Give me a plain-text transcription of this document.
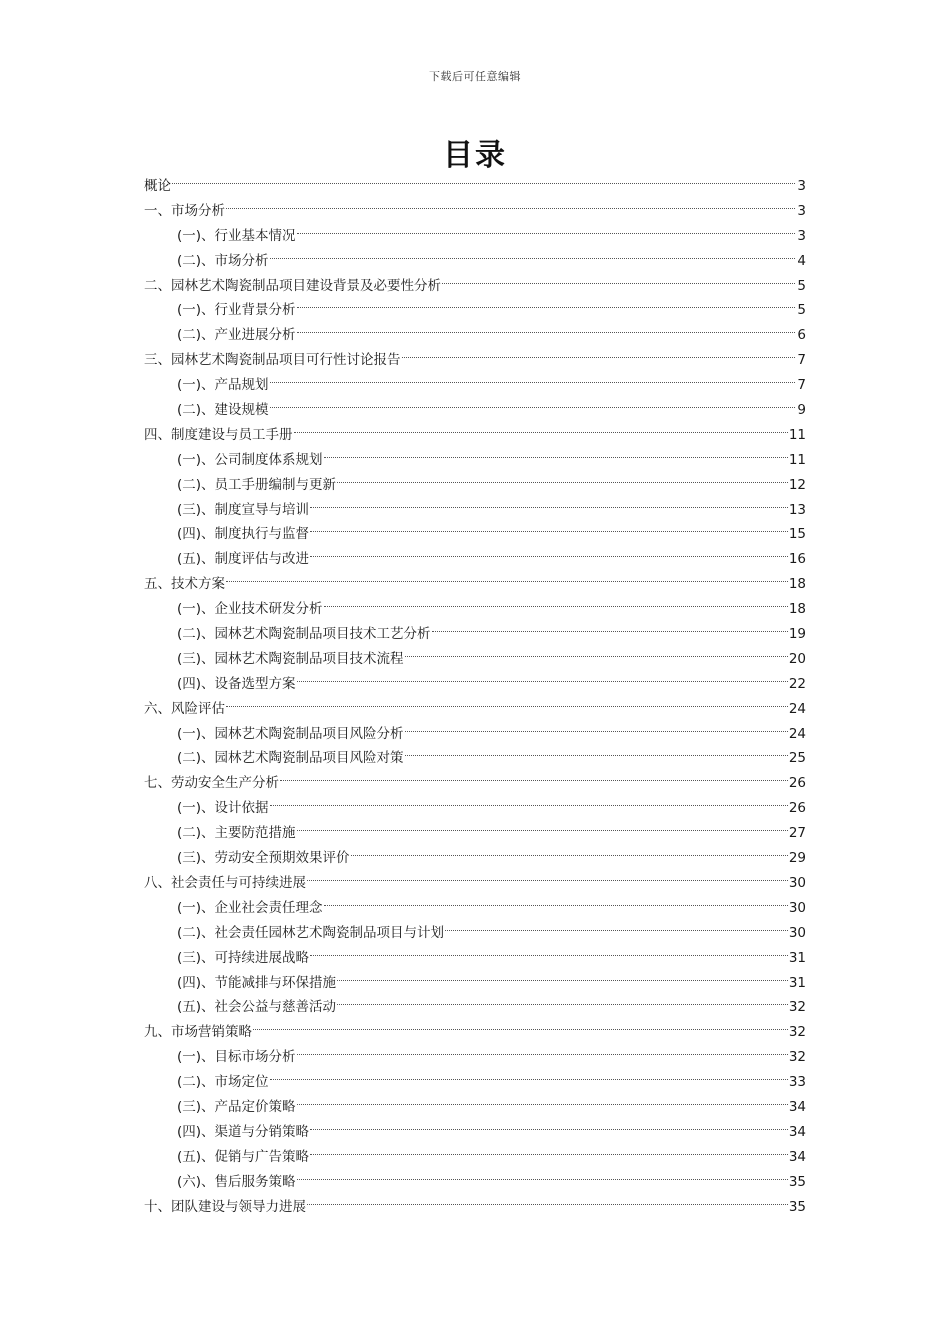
下载后可任意编辑
目录
概论	3
一、市场分析	3
(一)、行业基本情况	3
(二)、市场分析	4
二、园林艺术陶瓷制品项目建设背景及必要性分析	5
(一)、行业背景分析	5
(二)、产业进展分析	6
三、园林艺术陶瓷制品项目可行性讨论报告	7
(一)、产品规划	7
(二)、建设规模	9
四、制度建设与员工手册	11
(一)、公司制度体系规划	11
(二)、员工手册编制与更新	12
(三)、制度宣导与培训	13
(四)、制度执行与监督	15
(五)、制度评估与改进	16
五、技术方案	18
(一)、企业技术研发分析	18
(二)、园林艺术陶瓷制品项目技术工艺分析	19
(三)、园林艺术陶瓷制品项目技术流程	20
(四)、设备选型方案	22
六、风险评估	24
(一)、园林艺术陶瓷制品项目风险分析	24
(二)、园林艺术陶瓷制品项目风险对策	25
七、劳动安全生产分析	26
(一)、设计依据	26
(二)、主要防范措施	27
(三)、劳动安全预期效果评价	29
八、社会责任与可持续进展	30
(一)、企业社会责任理念	30
(二)、社会责任园林艺术陶瓷制品项目与计划	30
(三)、可持续进展战略	31
(四)、节能减排与环保措施	31
(五)、社会公益与慈善活动	32
九、市场营销策略	32
(一)、目标市场分析	32
(二)、市场定位	33
(三)、产品定价策略	34
(四)、渠道与分销策略	34
(五)、促销与广告策略	34
(六)、售后服务策略	35
十、团队建设与领导力进展	35
